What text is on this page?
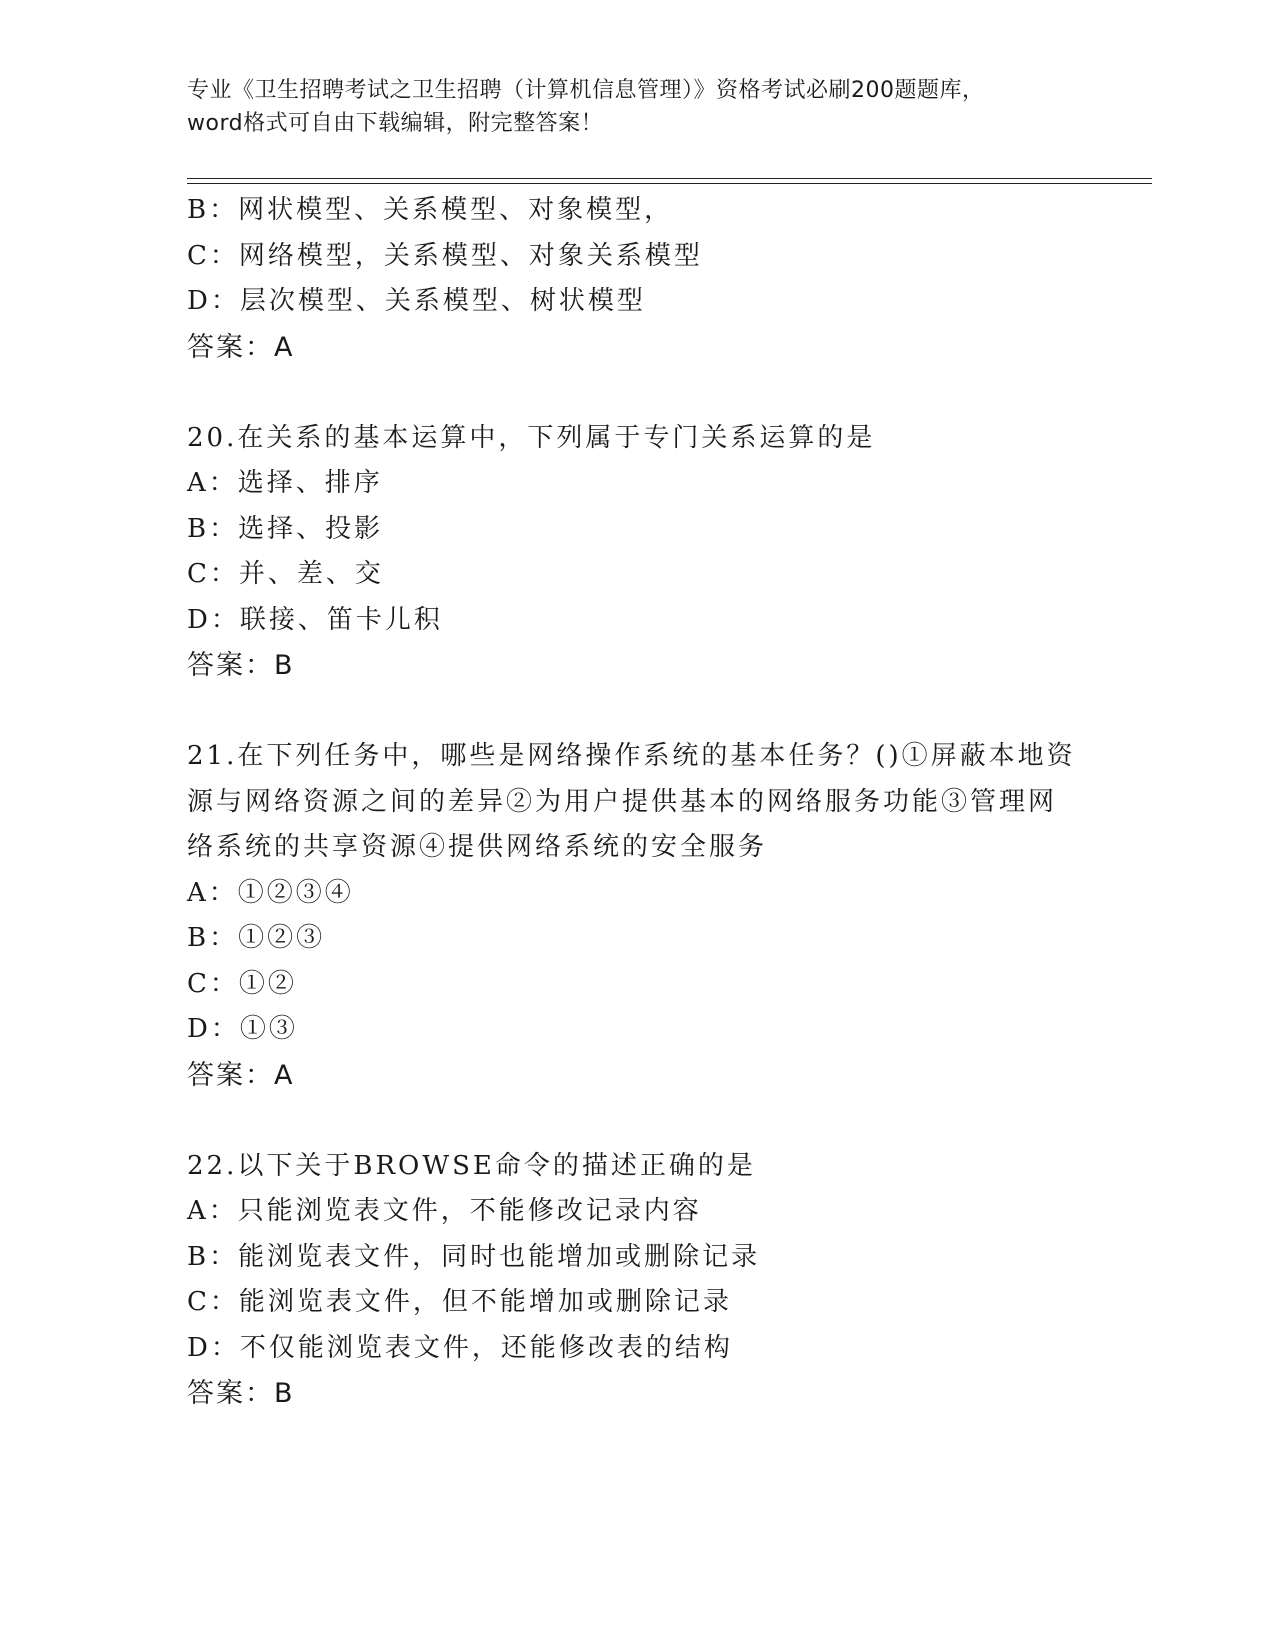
专业《卫生招聘考试之卫生招聘（计算机信息管理）》资格考试必刷200题题库，
word格式可自由下载编辑，附完整答案！
B：网状模型、关系模型、对象模型，
C：网络模型，关系模型、对象关系模型
D：层次模型、关系模型、树状模型
答案：A
20.在关系的基本运算中，下列属于专门关系运算的是
A：选择、排序
B：选择、投影
C：并、差、交
D：联接、笛卡儿积
答案：B
21.在下列任务中，哪些是网络操作系统的基本任务？()①屏蔽本地资
源与网络资源之间的差异②为用户提供基本的网络服务功能③管理网
络系统的共享资源④提供网络系统的安全服务
A：①②③④
B：①②③
C：①②
D：①③
答案：A
22.以下关于BROWSE命令的描述正确的是
A：只能浏览表文件，不能修改记录内容
B：能浏览表文件，同时也能增加或删除记录
C：能浏览表文件，但不能增加或删除记录
D：不仅能浏览表文件，还能修改表的结构
答案：B
